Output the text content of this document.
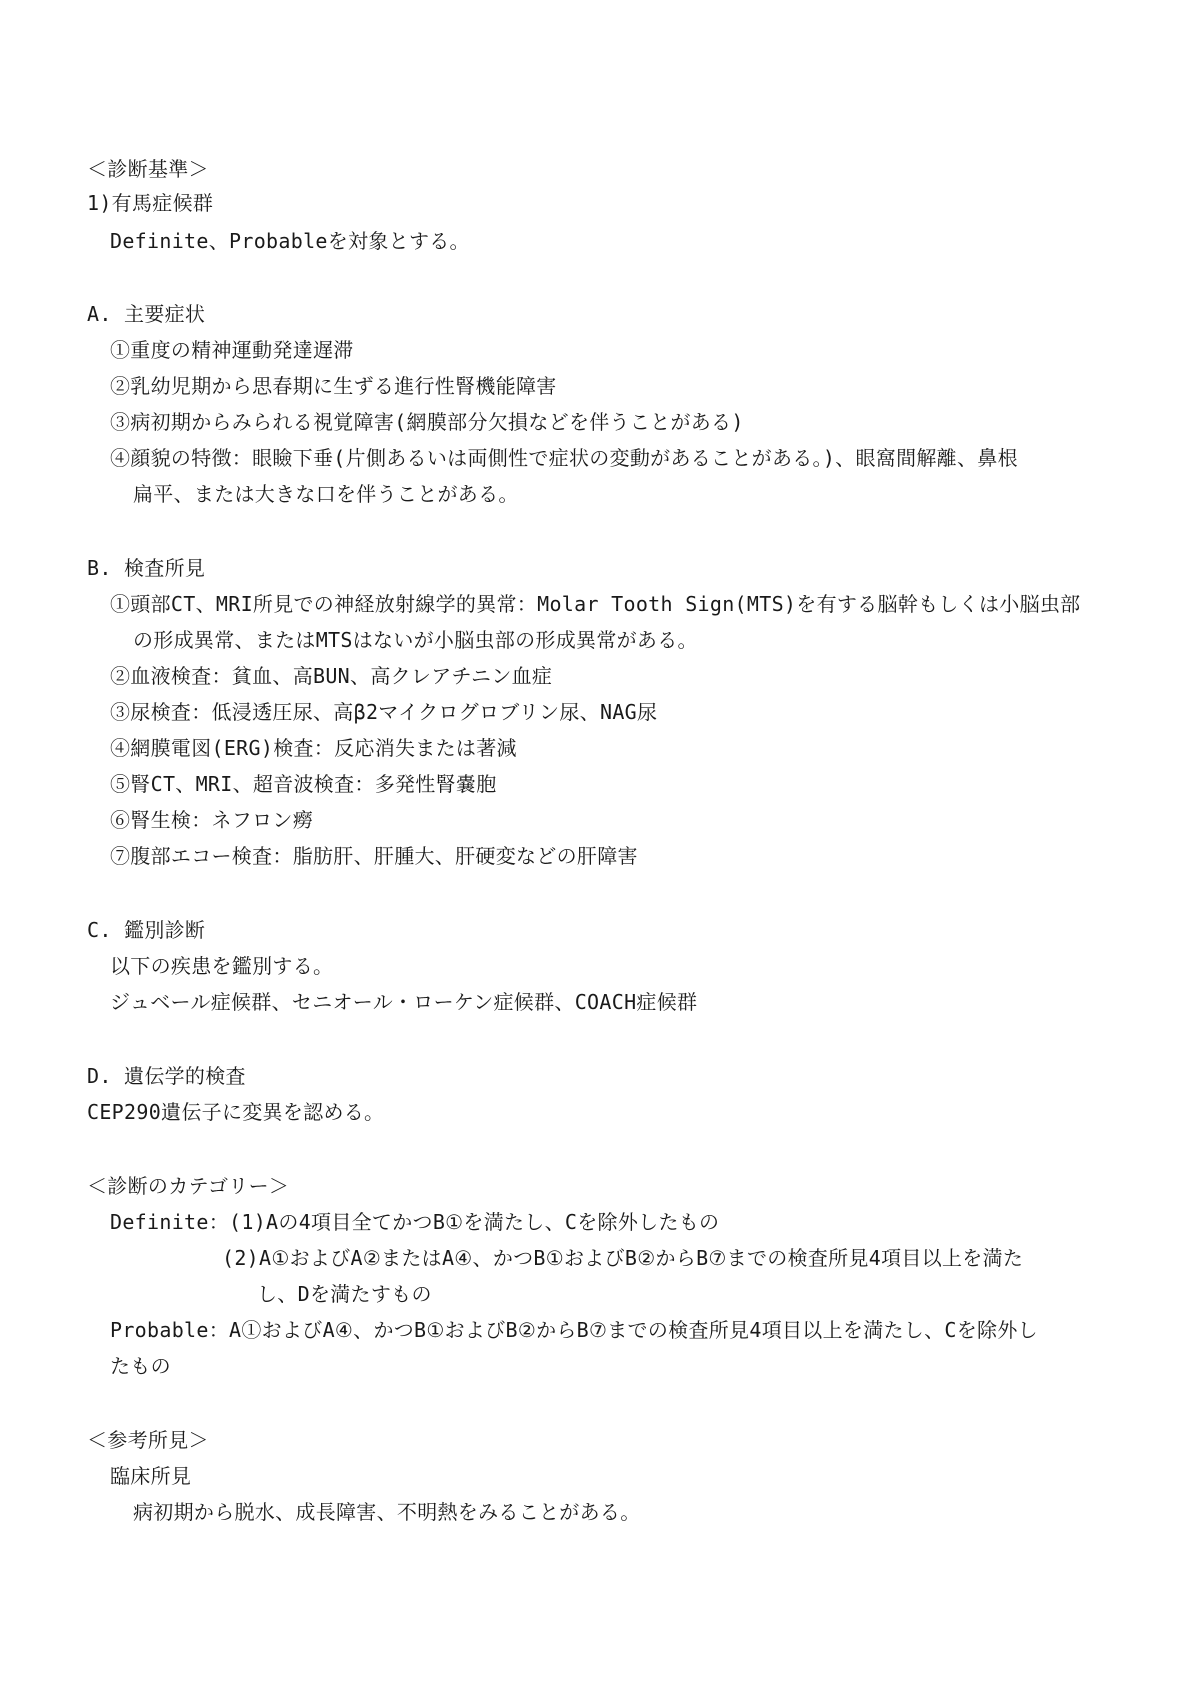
＜診断基準＞
1)有馬症候群
Definite、Probableを対象とする。
A. 主要症状
①重度の精神運動発達遅滞
②乳幼児期から思春期に生ずる進行性腎機能障害
③病初期からみられる視覚障害(網膜部分欠損などを伴うことがある)
④顔貌の特徴：眼瞼下垂(片側あるいは両側性で症状の変動があることがある。)、眼窩間解離、鼻根
扁平、または大きな口を伴うことがある。
B. 検査所見
①頭部CT、MRI所見での神経放射線学的異常：Molar Tooth Sign(MTS)を有する脳幹もしくは小脳虫部
の形成異常、またはMTSはないが小脳虫部の形成異常がある。
②血液検査：貧血、高BUN、高クレアチニン血症
③尿検査：低浸透圧尿、高β2マイクログロブリン尿、NAG尿
④網膜電図(ERG)検査：反応消失または著減
⑤腎CT、MRI、超音波検査：多発性腎嚢胞
⑥腎生検：ネフロン癆
⑦腹部エコー検査：脂肪肝、肝腫大、肝硬変などの肝障害
C. 鑑別診断
以下の疾患を鑑別する。
ジュベール症候群、セニオール・ローケン症候群、COACH症候群
D. 遺伝学的検査
CEP290遺伝子に変異を認める。
＜診断のカテゴリー＞
Definite：(1)Aの4項目全てかつB①を満たし、Cを除外したもの
(2)A①およびA②またはA④、かつB①およびB②からB⑦までの検査所見4項目以上を満た
し、Dを満たすもの
Probable：A①およびA④、かつB①およびB②からB⑦までの検査所見4項目以上を満たし、Cを除外し
たもの
＜参考所見＞
臨床所見
病初期から脱水、成長障害、不明熱をみることがある。
